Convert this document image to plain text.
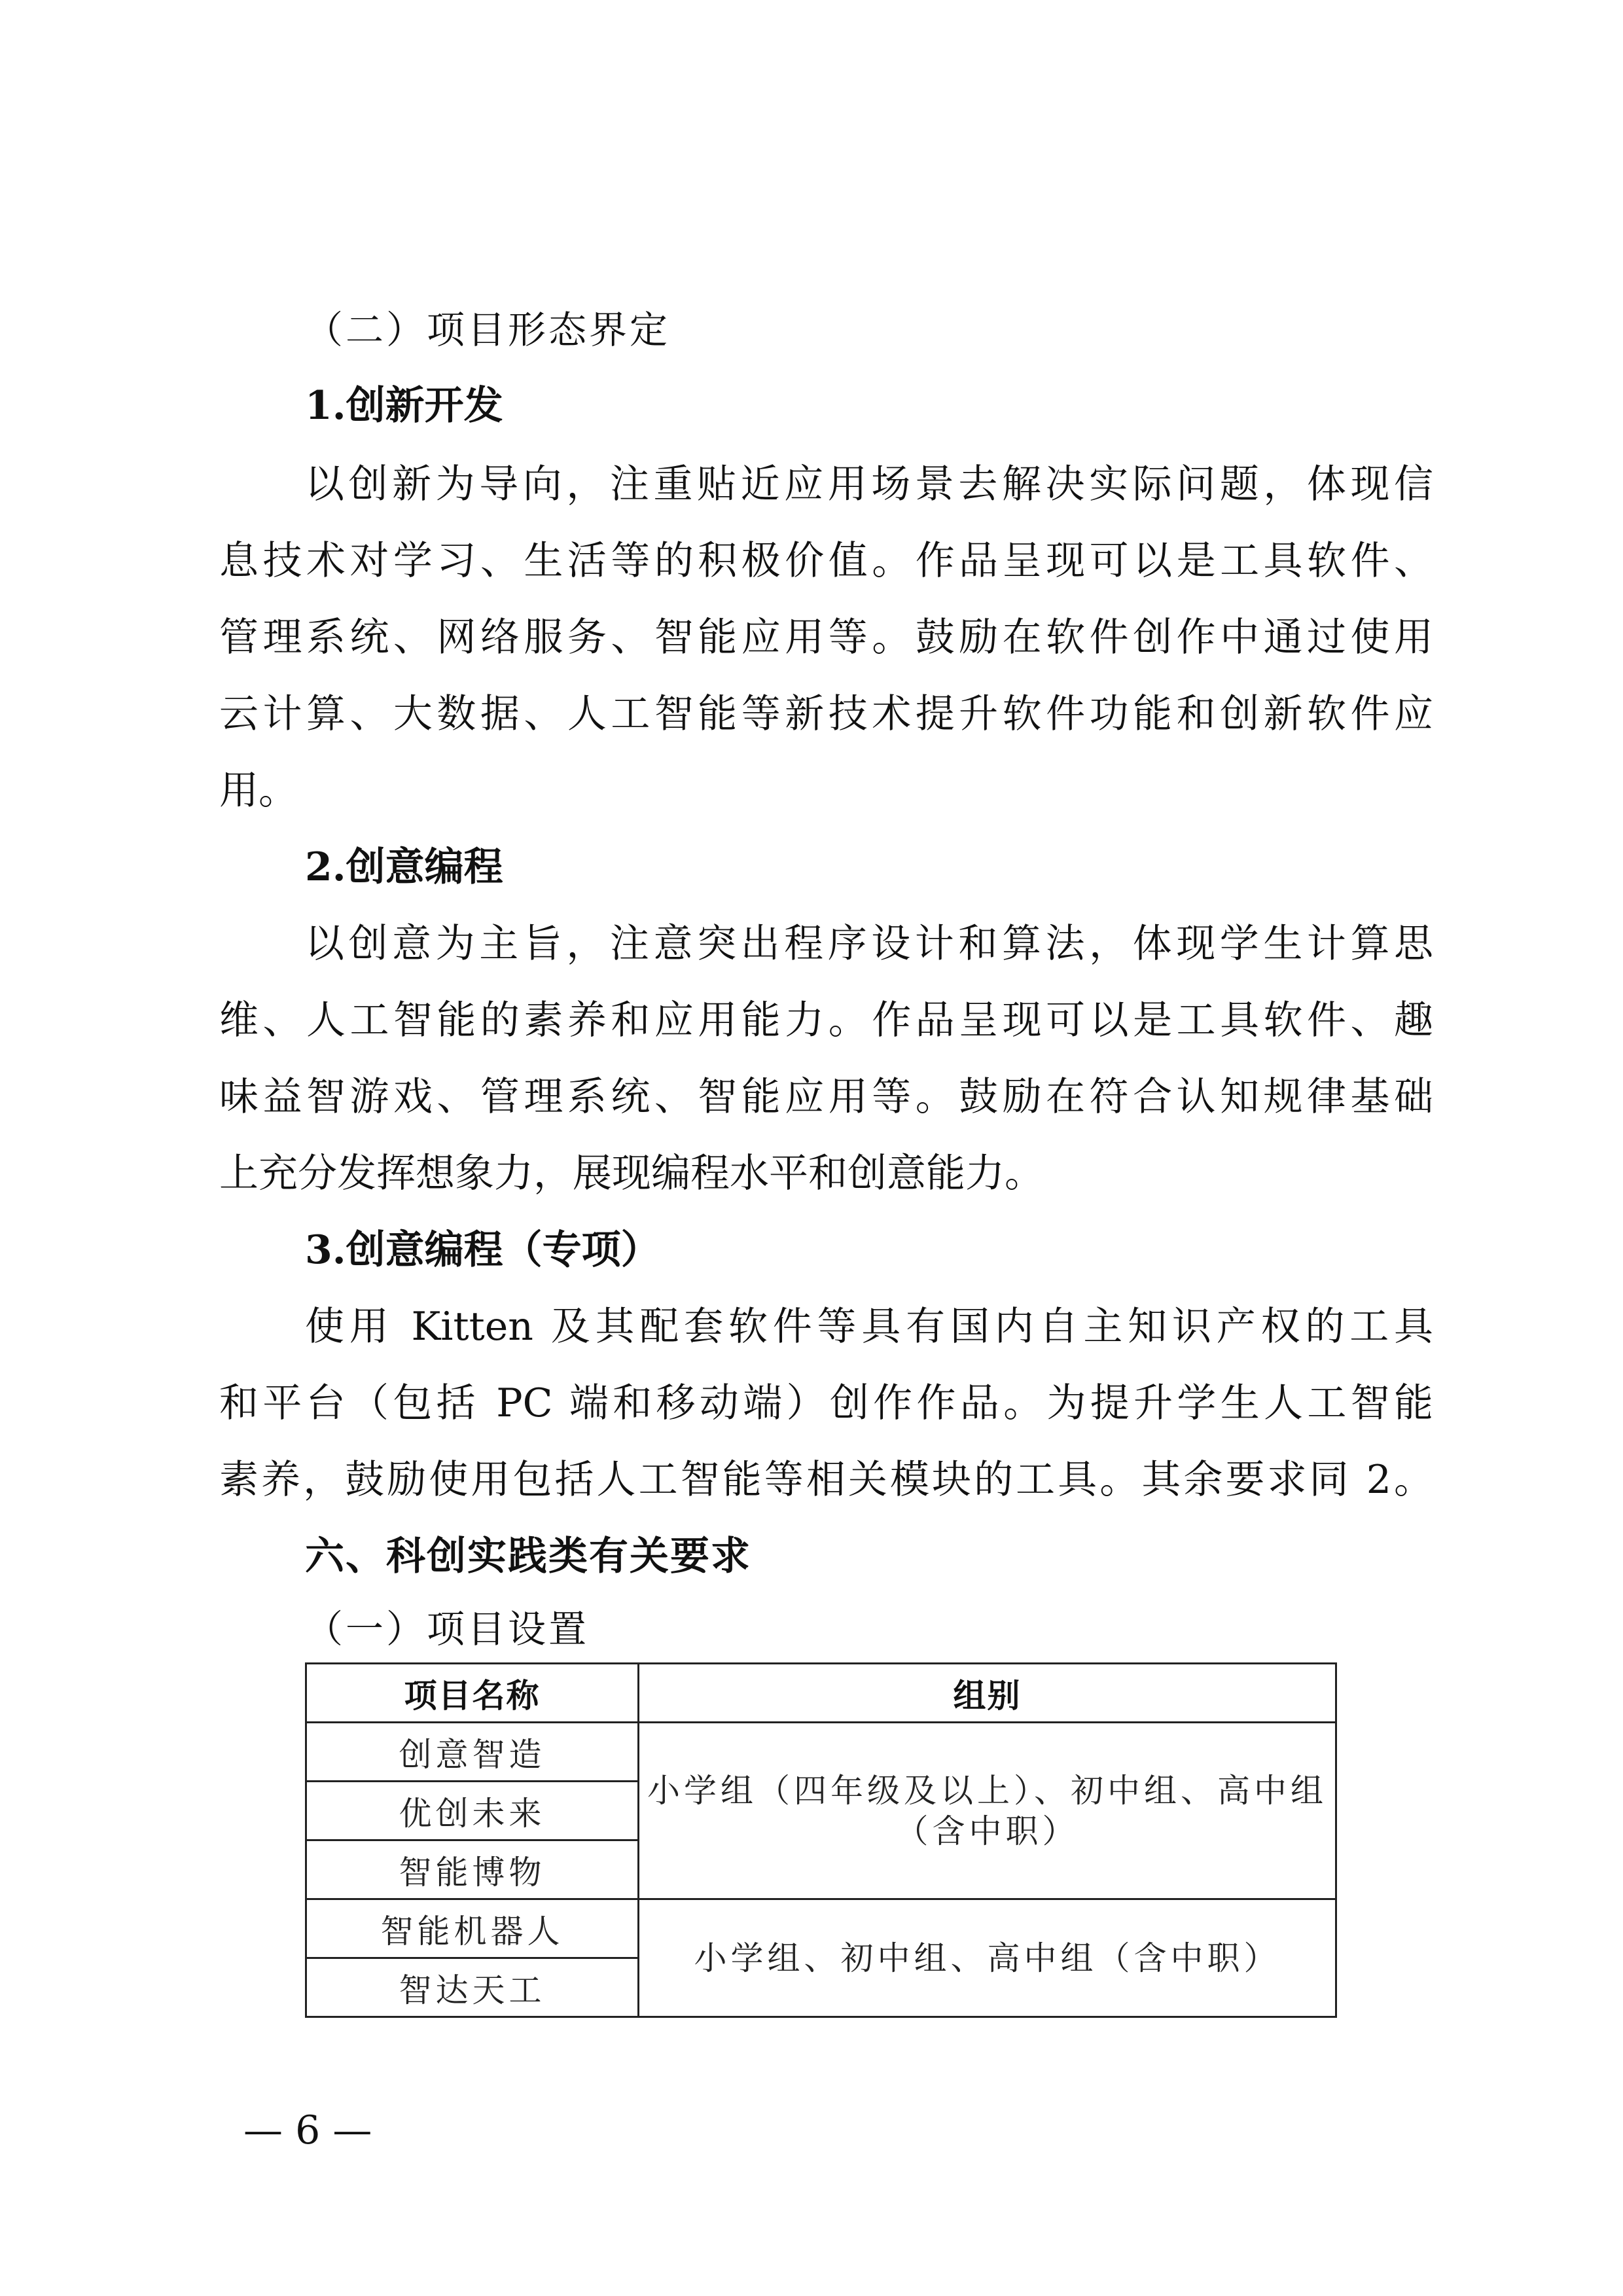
（二）项目形态界定
1.创新开发
以创新为导向，注重贴近应用场景去解决实际问题，体现信
息技术对学习、生活等的积极价值。作品呈现可以是工具软件、
管理系统、网络服务、智能应用等。鼓励在软件创作中通过使用
云计算、大数据、人工智能等新技术提升软件功能和创新软件应
用。
2.创意编程
以创意为主旨，注意突出程序设计和算法，体现学生计算思
维、人工智能的素养和应用能力。作品呈现可以是工具软件、趣
味益智游戏、管理系统、智能应用等。鼓励在符合认知规律基础
上充分发挥想象力，展现编程水平和创意能力。
3.创意编程（专项）
使用 Kitten 及其配套软件等具有国内自主知识产权的工具
和平台（包括 PC 端和移动端）创作作品。为提升学生人工智能
素养，鼓励使用包括人工智能等相关模块的工具。其余要求同 2。
六、科创实践类有关要求
（一）项目设置
项目名称	组别
创意智造	小学组（四年级及以上）、初中组、高中组（含中职）
优创未来	
智能博物	
智能机器人	小学组、初中组、高中组（含中职）
智达天工	
— 6 —
